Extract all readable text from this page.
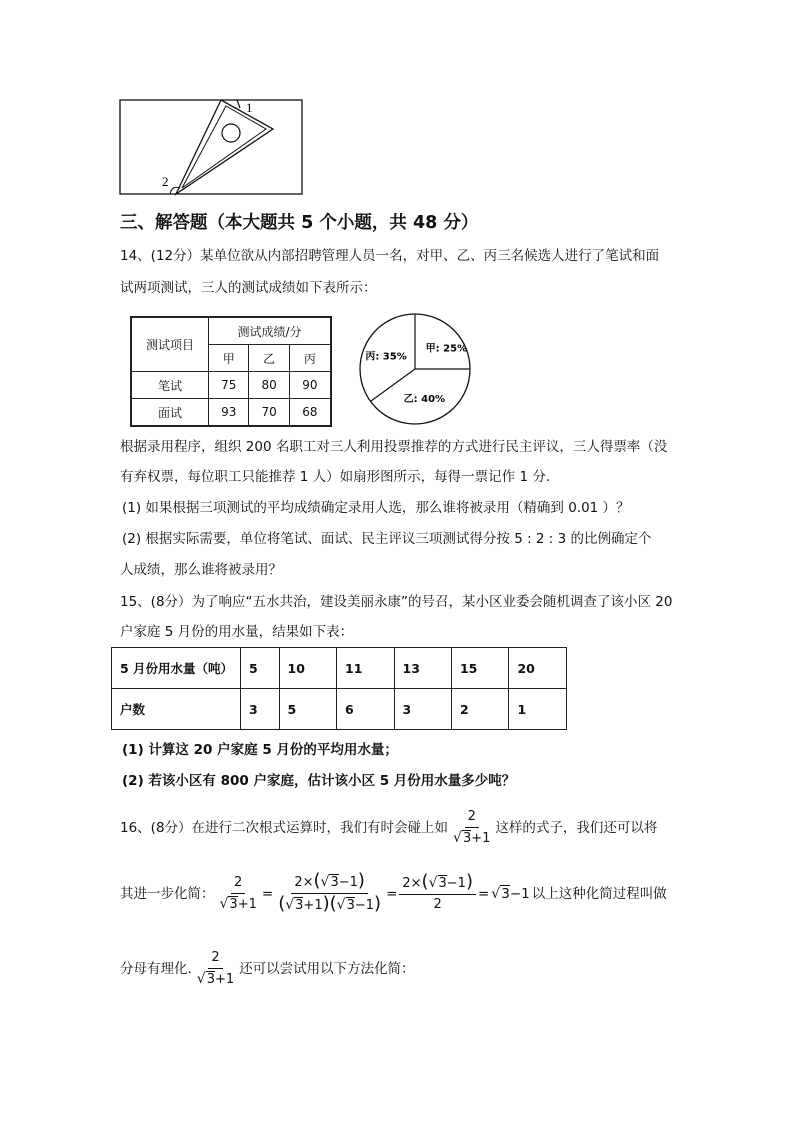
1
2
三、解答题（本大题共 5 个小题，共 48 分）
14、(12分）某单位欲从内部招聘管理人员一名，对甲、乙、丙三名候选人进行了笔试和面
试两项测试，三人的测试成绩如下表所示：
测试项目	测试成绩/分		
	甲	乙	丙
笔试	75	80	90
面试	93	70	68
甲: 25%
乙: 40%
丙: 35%
根据录用程序，组织 200 名职工对三人利用投票推荐的方式进行民主评议，三人得票率（没
有弃权票，每位职工只能推荐 1 人）如扇形图所示，每得一票记作 1 分.
(1) 如果根据三项测试的平均成绩确定录用人选，那么谁将被录用（精确到 0.01 ）？
(2) 根据实际需要，单位将笔试、面试、民主评议三项测试得分按 5 : 2 : 3 的比例确定个
人成绩，那么谁将被录用？
15、(8分）为了响应“五水共治，建设美丽永康”的号召，某小区业委会随机调查了该小区 20
户家庭 5 月份的用水量，结果如下表：
5 月份用水量（吨）	5	10	11	13	15	20
户数	3	5	6	3	2	1
(1) 计算这 20 户家庭 5 月份的平均用水量；
(2) 若该小区有 800 户家庭，估计该小区 5 月份用水量多少吨？
16、(8分）在进行二次根式运算时，我们有时会碰上如 $\frac{2}{√3+1}$ 这样的式子，我们还可以将
其进一步化简： $\frac{2}{√3+1} = \frac{2\times(√3-1)}{(√3+1)(√3-1)} = \frac{2\times(√3-1)}{2} = √3-1$ 以上这种化简过程叫做
分母有理化. $\frac{2}{√3+1}$ 还可以尝试用以下方法化简：
